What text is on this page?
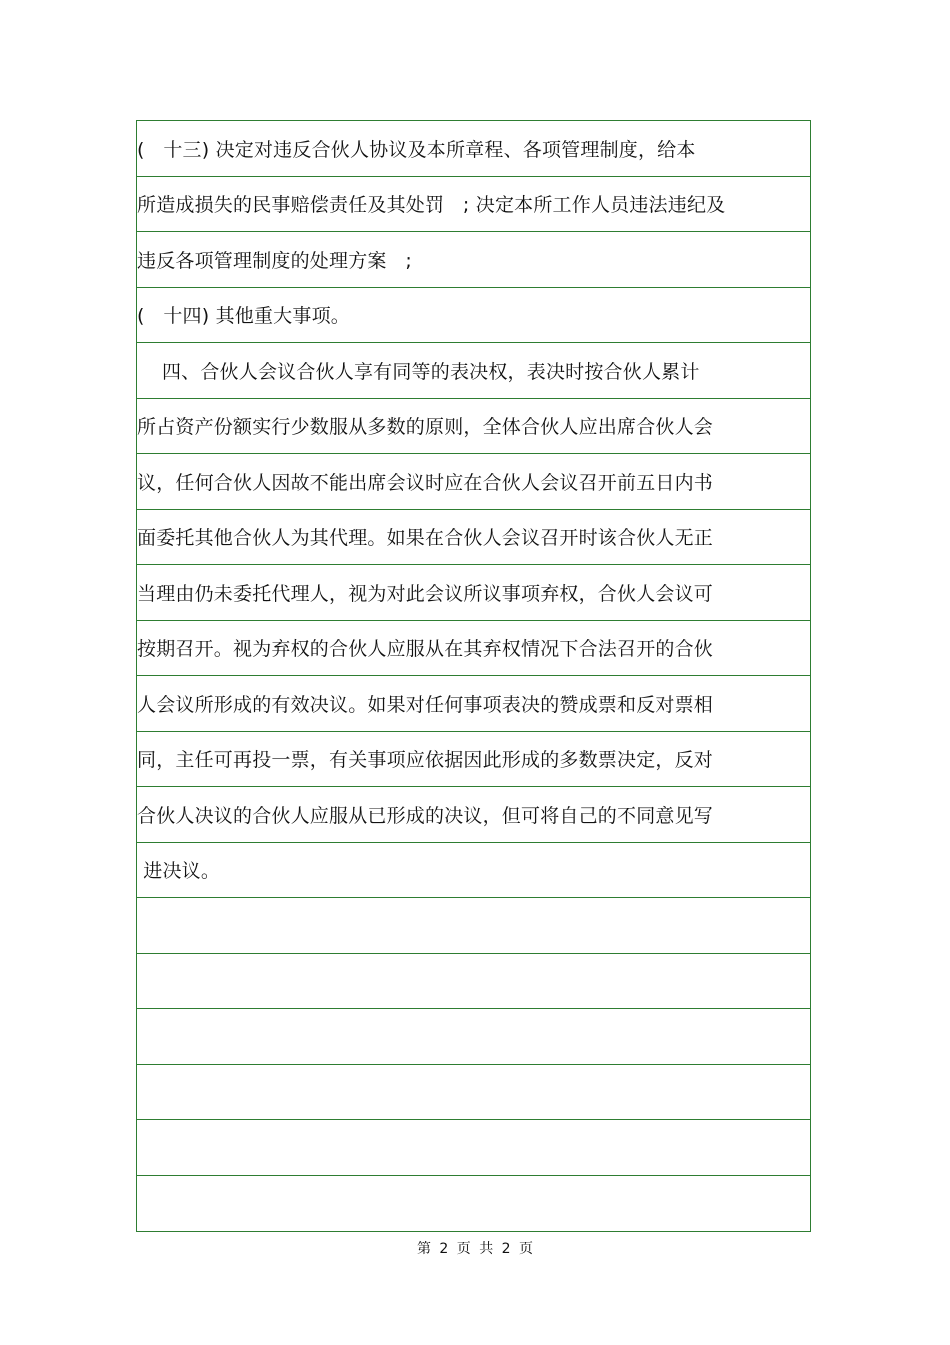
(   十三) 决定对违反合伙人协议及本所章程、各项管理制度，给本
所造成损失的民事赔偿责任及其处罚   ; 决定本所工作人员违法违纪及
违反各项管理制度的处理方案   ;
(   十四) 其他重大事项。
四、合伙人会议合伙人享有同等的表决权，表决时按合伙人累计
所占资产份额实行少数服从多数的原则，全体合伙人应出席合伙人会
议，任何合伙人因故不能出席会议时应在合伙人会议召开前五日内书
面委托其他合伙人为其代理。如果在合伙人会议召开时该合伙人无正
当理由仍未委托代理人，视为对此会议所议事项弃权，合伙人会议可
按期召开。视为弃权的合伙人应服从在其弃权情况下合法召开的合伙
人会议所形成的有效决议。如果对任何事项表决的赞成票和反对票相
同，主任可再投一票，有关事项应依据因此形成的多数票决定，反对
合伙人决议的合伙人应服从已形成的决议，但可将自己的不同意见写
进决议。
第 2 页 共 2 页
